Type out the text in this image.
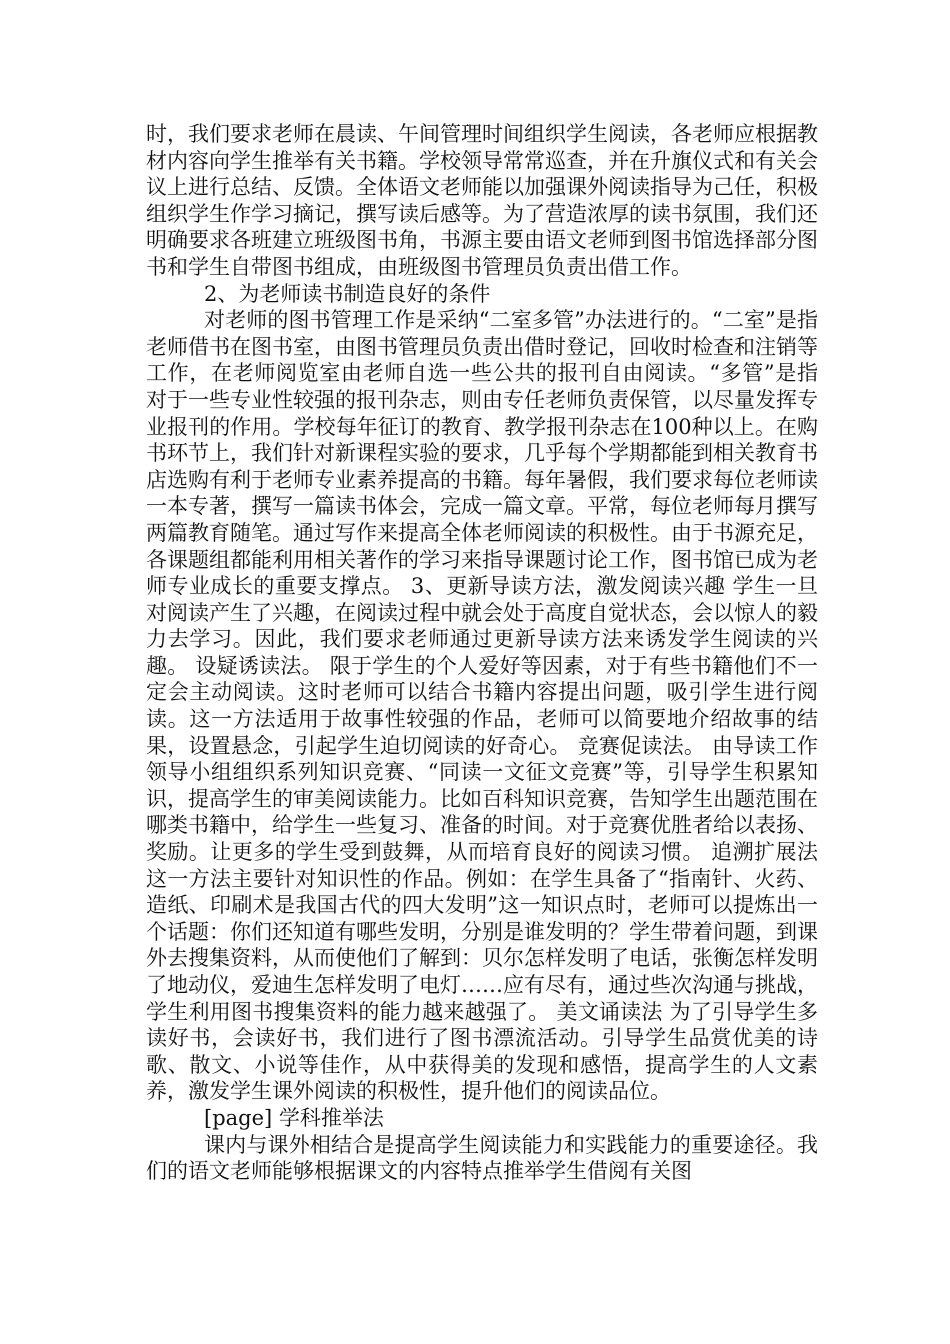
时，我们要求老师在晨读、午间管理时间组织学生阅读，各老师应根据教材内容向学生推举有关书籍。学校领导常常巡查，并在升旗仪式和有关会议上进行总结、反馈。全体语文老师能以加强课外阅读指导为己任，积极组织学生作学习摘记，撰写读后感等。为了营造浓厚的读书氛围，我们还明确要求各班建立班级图书角，书源主要由语文老师到图书馆选择部分图书和学生自带图书组成，由班级图书管理员负责出借工作。

2、为老师读书制造良好的条件

对老师的图书管理工作是采纳“二室多管”办法进行的。“二室”是指老师借书在图书室，由图书管理员负责出借时登记，回收时检查和注销等工作，在老师阅览室由老师自选一些公共的报刊自由阅读。“多管”是指对于一些专业性较强的报刊杂志，则由专任老师负责保管，以尽量发挥专业报刊的作用。学校每年征订的教育、教学报刊杂志在100种以上。在购书环节上，我们针对新课程实验的要求，几乎每个学期都能到相关教育书店选购有利于老师专业素养提高的书籍。每年暑假，我们要求每位老师读一本专著，撰写一篇读书体会，完成一篇文章。平常，每位老师每月撰写两篇教育随笔。通过写作来提高全体老师阅读的积极性。由于书源充足，各课题组都能利用相关著作的学习来指导课题讨论工作，图书馆已成为老师专业成长的重要支撑点。 3、更新导读方法，激发阅读兴趣 学生一旦对阅读产生了兴趣，在阅读过程中就会处于高度自觉状态，会以惊人的毅力去学习。因此，我们要求老师通过更新导读方法来诱发学生阅读的兴趣。 设疑诱读法。 限于学生的个人爱好等因素，对于有些书籍他们不一定会主动阅读。这时老师可以结合书籍内容提出问题，吸引学生进行阅读。这一方法适用于故事性较强的作品，老师可以简要地介绍故事的结果，设置悬念，引起学生迫切阅读的好奇心。 竞赛促读法。 由导读工作领导小组组织系列知识竞赛、“同读一文征文竞赛”等，引导学生积累知识，提高学生的审美阅读能力。比如百科知识竞赛，告知学生出题范围在哪类书籍中，给学生一些复习、准备的时间。对于竞赛优胜者给以表扬、奖励。让更多的学生受到鼓舞，从而培育良好的阅读习惯。 追溯扩展法 这一方法主要针对知识性的作品。例如：在学生具备了“指南针、火药、造纸、印刷术是我国古代的四大发明”这一知识点时，老师可以提炼出一个话题：你们还知道有哪些发明，分别是谁发明的？学生带着问题，到课外去搜集资料，从而使他们了解到：贝尔怎样发明了电话，张衡怎样发明了地动仪，爱迪生怎样发明了电灯……应有尽有，通过些次沟通与挑战，学生利用图书搜集资料的能力越来越强了。 美文诵读法 为了引导学生多读好书，会读好书，我们进行了图书漂流活动。引导学生品赏优美的诗歌、散文、小说等佳作，从中获得美的发现和感悟，提高学生的人文素养，激发学生课外阅读的积极性，提升他们的阅读品位。

[page] 学科推举法

课内与课外相结合是提高学生阅读能力和实践能力的重要途径。我们的语文老师能够根据课文的内容特点推举学生借阅有关图
